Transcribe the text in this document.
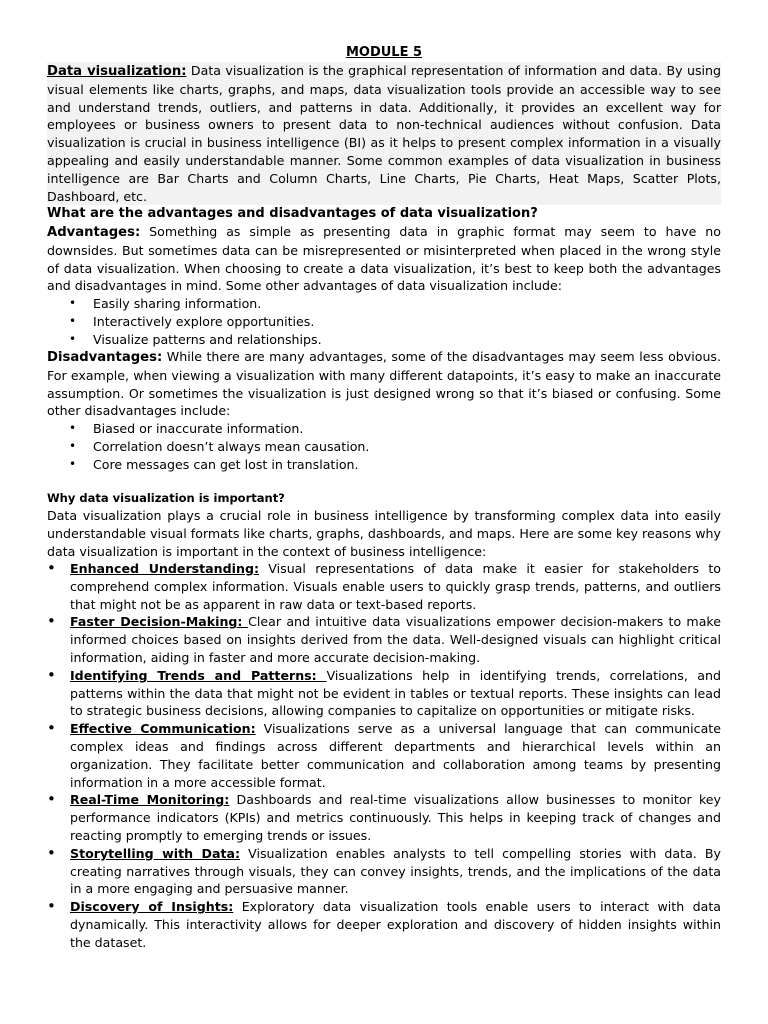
MODULE 5

Data visualization: Data visualization is the graphical representation of information and data. By using visual elements like charts, graphs, and maps, data visualization tools provide an accessible way to see and understand trends, outliers, and patterns in data. Additionally, it provides an excellent way for employees or business owners to present data to non-technical audiences without confusion. Data visualization is crucial in business intelligence (BI) as it helps to present complex information in a visually appealing and easily understandable manner. Some common examples of data visualization in business intelligence are Bar Charts and Column Charts, Line Charts, Pie Charts, Heat Maps, Scatter Plots, Dashboard, etc.

What are the advantages and disadvantages of data visualization?

Advantages: Something as simple as presenting data in graphic format may seem to have no downsides. But sometimes data can be misrepresented or misinterpreted when placed in the wrong style of data visualization. When choosing to create a data visualization, it’s best to keep both the advantages and disadvantages in mind. Some other advantages of data visualization include:

• Easily sharing information.
• Interactively explore opportunities.
• Visualize patterns and relationships.

Disadvantages: While there are many advantages, some of the disadvantages may seem less obvious. For example, when viewing a visualization with many different datapoints, it’s easy to make an inaccurate assumption. Or sometimes the visualization is just designed wrong so that it’s biased or confusing. Some other disadvantages include:

• Biased or inaccurate information.
• Correlation doesn’t always mean causation.
• Core messages can get lost in translation.
Why data visualization is important?

Data visualization plays a crucial role in business intelligence by transforming complex data into easily understandable visual formats like charts, graphs, dashboards, and maps. Here are some key reasons why data visualization is important in the context of business intelligence:

• Enhanced Understanding: Visual representations of data make it easier for stakeholders to comprehend complex information. Visuals enable users to quickly grasp trends, patterns, and outliers that might not be as apparent in raw data or text-based reports.
• Faster Decision-Making: Clear and intuitive data visualizations empower decision-makers to make informed choices based on insights derived from the data. Well-designed visuals can highlight critical information, aiding in faster and more accurate decision-making.
• Identifying Trends and Patterns: Visualizations help in identifying trends, correlations, and patterns within the data that might not be evident in tables or textual reports. These insights can lead to strategic business decisions, allowing companies to capitalize on opportunities or mitigate risks.
• Effective Communication: Visualizations serve as a universal language that can communicate complex ideas and findings across different departments and hierarchical levels within an organization. They facilitate better communication and collaboration among teams by presenting information in a more accessible format.
• Real-Time Monitoring: Dashboards and real-time visualizations allow businesses to monitor key performance indicators (KPIs) and metrics continuously. This helps in keeping track of changes and reacting promptly to emerging trends or issues.
• Storytelling with Data: Visualization enables analysts to tell compelling stories with data. By creating narratives through visuals, they can convey insights, trends, and the implications of the data in a more engaging and persuasive manner.
• Discovery of Insights: Exploratory data visualization tools enable users to interact with data dynamically. This interactivity allows for deeper exploration and discovery of hidden insights within the dataset.
